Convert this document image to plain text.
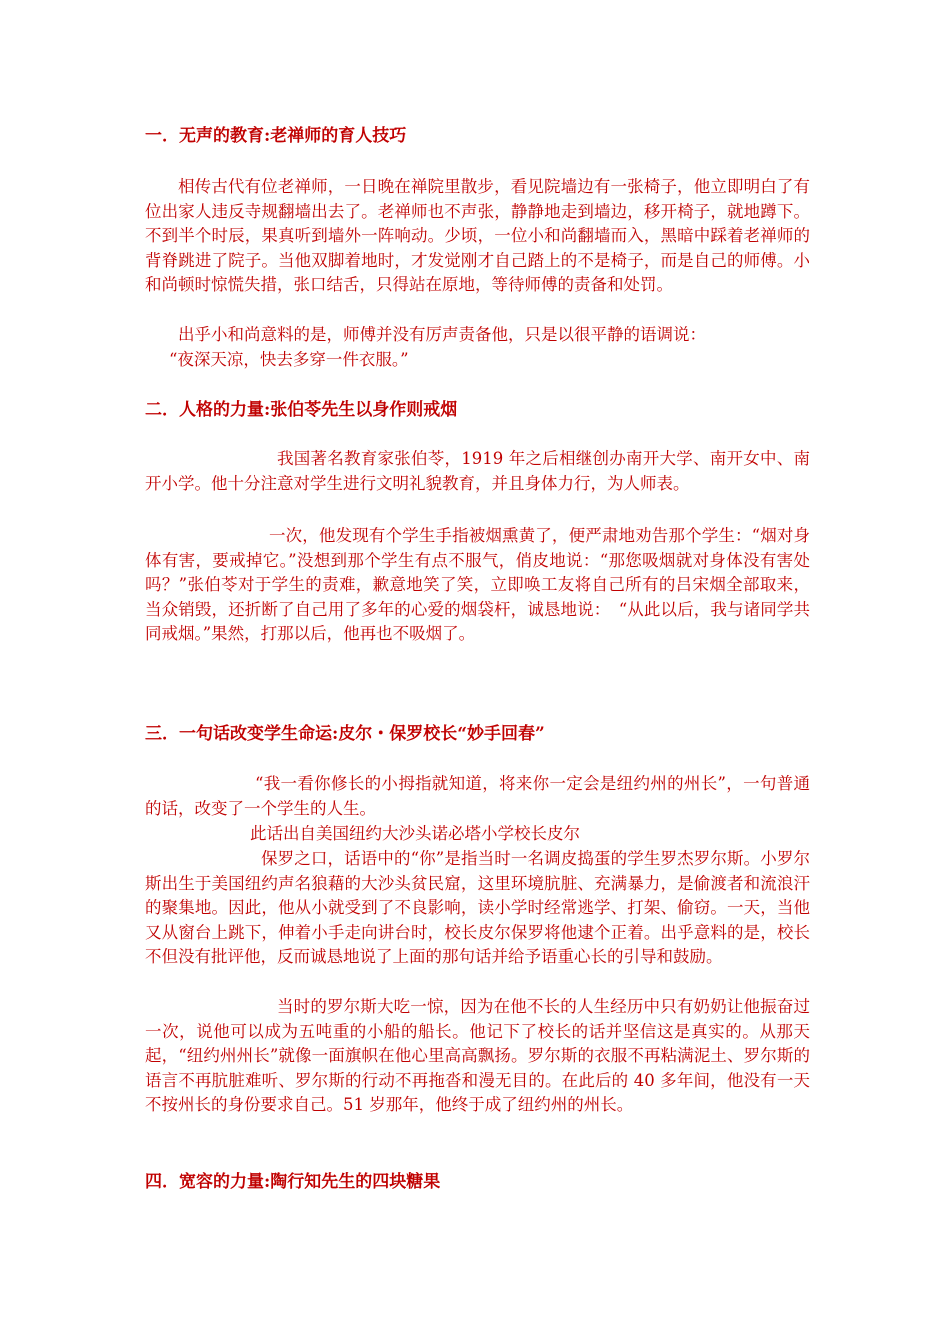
一．无声的教育:老禅师的育人技巧
相传古代有位老禅师，一日晚在禅院里散步，看见院墙边有一张椅子，他立即明白了有位出家人违反寺规翻墙出去了。老禅师也不声张，静静地走到墙边，移开椅子，就地蹲下。不到半个时辰，果真听到墙外一阵响动。少顷，一位小和尚翻墙而入，黑暗中踩着老禅师的背脊跳进了院子。当他双脚着地时，才发觉刚才自己踏上的不是椅子，而是自己的师傅。小和尚顿时惊慌失措，张口结舌，只得站在原地，等待师傅的责备和处罚。
出乎小和尚意料的是，师傅并没有厉声责备他，只是以很平静的语调说：
“夜深天凉，快去多穿一件衣服。”
二．人格的力量:张伯苓先生以身作则戒烟
我国著名教育家张伯苓，1919 年之后相继创办南开大学、南开女中、南开小学。他十分注意对学生进行文明礼貌教育，并且身体力行，为人师表。
一次，他发现有个学生手指被烟熏黄了，便严肃地劝告那个学生：“烟对身体有害，要戒掉它。”没想到那个学生有点不服气，俏皮地说：“那您吸烟就对身体没有害处吗？”张伯苓对于学生的责难，歉意地笑了笑，立即唤工友将自己所有的吕宋烟全部取来，当众销毁，还折断了自己用了多年的心爱的烟袋杆，诚恳地说：　“从此以后，我与诸同学共同戒烟。”果然，打那以后，他再也不吸烟了。
三．一句话改变学生命运:皮尔・保罗校长“妙手回春”
“我一看你修长的小拇指就知道，将来你一定会是纽约州的州长”，一句普通的话，改变了一个学生的人生。
此话出自美国纽约大沙头诺必塔小学校长皮尔
保罗之口，话语中的“你”是指当时一名调皮捣蛋的学生罗杰罗尔斯。小罗尔斯出生于美国纽约声名狼藉的大沙头贫民窟，这里环境肮脏、充满暴力，是偷渡者和流浪汗的聚集地。因此，他从小就受到了不良影响，读小学时经常逃学、打架、偷窃。一天，当他又从窗台上跳下，伸着小手走向讲台时，校长皮尔保罗将他逮个正着。出乎意料的是，校长不但没有批评他，反而诚恳地说了上面的那句话并给予语重心长的引导和鼓励。
当时的罗尔斯大吃一惊，因为在他不长的人生经历中只有奶奶让他振奋过一次，说他可以成为五吨重的小船的船长。他记下了校长的话并坚信这是真实的。从那天起，“纽约州州长”就像一面旗帜在他心里高高飘扬。罗尔斯的衣服不再粘满泥土、罗尔斯的语言不再肮脏难听、罗尔斯的行动不再拖沓和漫无目的。在此后的 40 多年间，他没有一天不按州长的身份要求自己。51 岁那年，他终于成了纽约州的州长。
四．宽容的力量:陶行知先生的四块糖果
